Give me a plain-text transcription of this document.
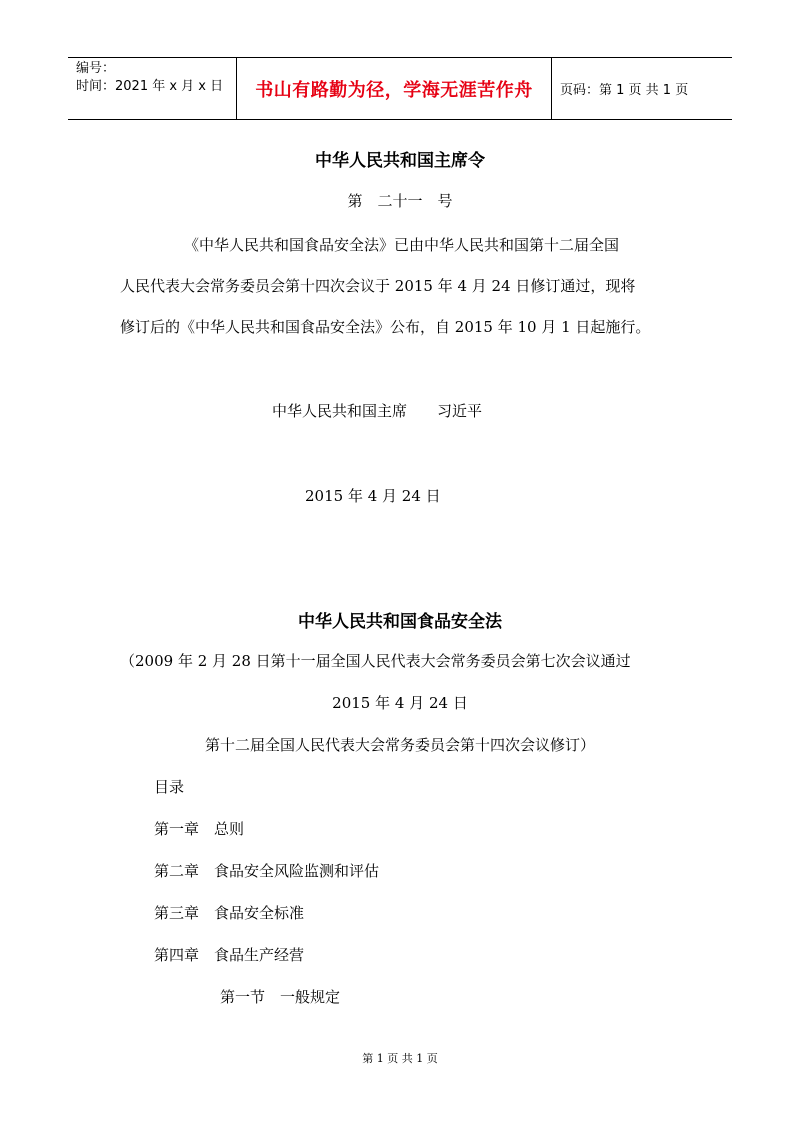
编号：
时间：2021 年 x 月 x 日	书山有路勤为径，学海无涯苦作舟	页码：第 1 页 共 1 页
中华人民共和国主席令
第　二十一　号
《中华人民共和国食品安全法》已由中华人民共和国第十二届全国
人民代表大会常务委员会第十四次会议于 2015 年 4 月 24 日修订通过，现将
修订后的《中华人民共和国食品安全法》公布，自 2015 年 10 月 1 日起施行。
中华人民共和国主席　　习近平
2015 年 4 月 24 日
中华人民共和国食品安全法
（2009 年 2 月 28 日第十一届全国人民代表大会常务委员会第七次会议通过
2015 年 4 月 24 日
第十二届全国人民代表大会常务委员会第十四次会议修订）
目录
第一章　总则
第二章　食品安全风险监测和评估
第三章　食品安全标准
第四章　食品生产经营
第一节　一般规定
第 1 页 共 1 页
